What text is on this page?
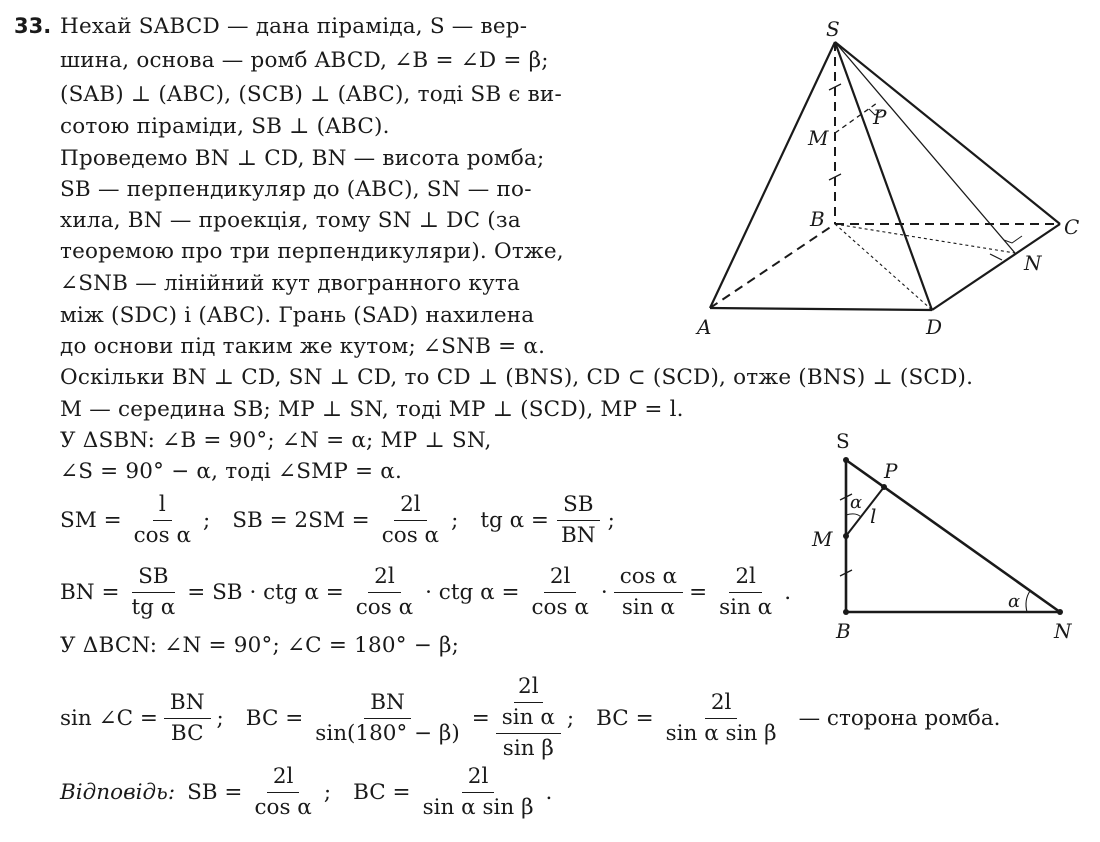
33. Нехай SABCD — дана піраміда, S — вер-
шина, основа — ромб ABCD, ∠B = ∠D = β;
(SAB) ⊥ (ABC), (SCB) ⊥ (ABC), тоді SB є ви-
сотою піраміди, SB ⊥ (ABC).
Проведемо BN ⊥ CD, BN — висота ромба;
SB — перпендикуляр до (ABC), SN — по-
хила, BN — проекція, тому SN ⊥ DC (за
теоремою про три перпендикуляри). Отже,
∠SNB — лінійний кут двогранного кута
між (SDC) і (ABC). Грань (SAD) нахилена
до основи під таким же кутом; ∠SNB = α.
Оскільки BN ⊥ CD, SN ⊥ CD, то CD ⊥ (BNS), CD ⊂ (SCD), отже (BNS) ⊥ (SCD).
M — середина SB; MP ⊥ SN, тоді MP ⊥ (SCD), MP = l.
У ΔSBN: ∠B = 90°; ∠N = α; MP ⊥ SN,
∠S = 90° − α, тоді ∠SMP = α.
SM = $\frac{l}{\text{cos α}}$ ; SB = $2SM = \frac{2l}{\text{cos α}}$ ; tg $\alpha = \frac{SB}{BN}$ ;
BN = $\frac{SB}{\text{tg α}}$ = SB · ctg $\alpha = \frac{2l}{\text{cos α}}$ · ctg $\alpha = \frac{2l}{\text{cos α}} \cdot \frac{\text{cos α}}{\text{sin α}} = \frac{2l}{\text{sin α}}$ .
У ΔBCN: ∠N = 90°; ∠C = 180° − β;
sin ∠C = $\frac{BN}{BC}$ ; BC = $\frac{BN}{\sin(180^\circ - \beta)} = \frac{\frac{2l}{\text{sin α}}}{\text{sin β}}$ ; BC = $\frac{2l}{\text{sin α sin β}}$ — сторона ромба.
Відповідь: SB = $\frac{2l}{\text{cos α}}$ ; BC = $\frac{2l}{\text{sin α sin β}}$ .
S
P
M
B	C
N
A	D
S
P
M
B	N
l
α
α
